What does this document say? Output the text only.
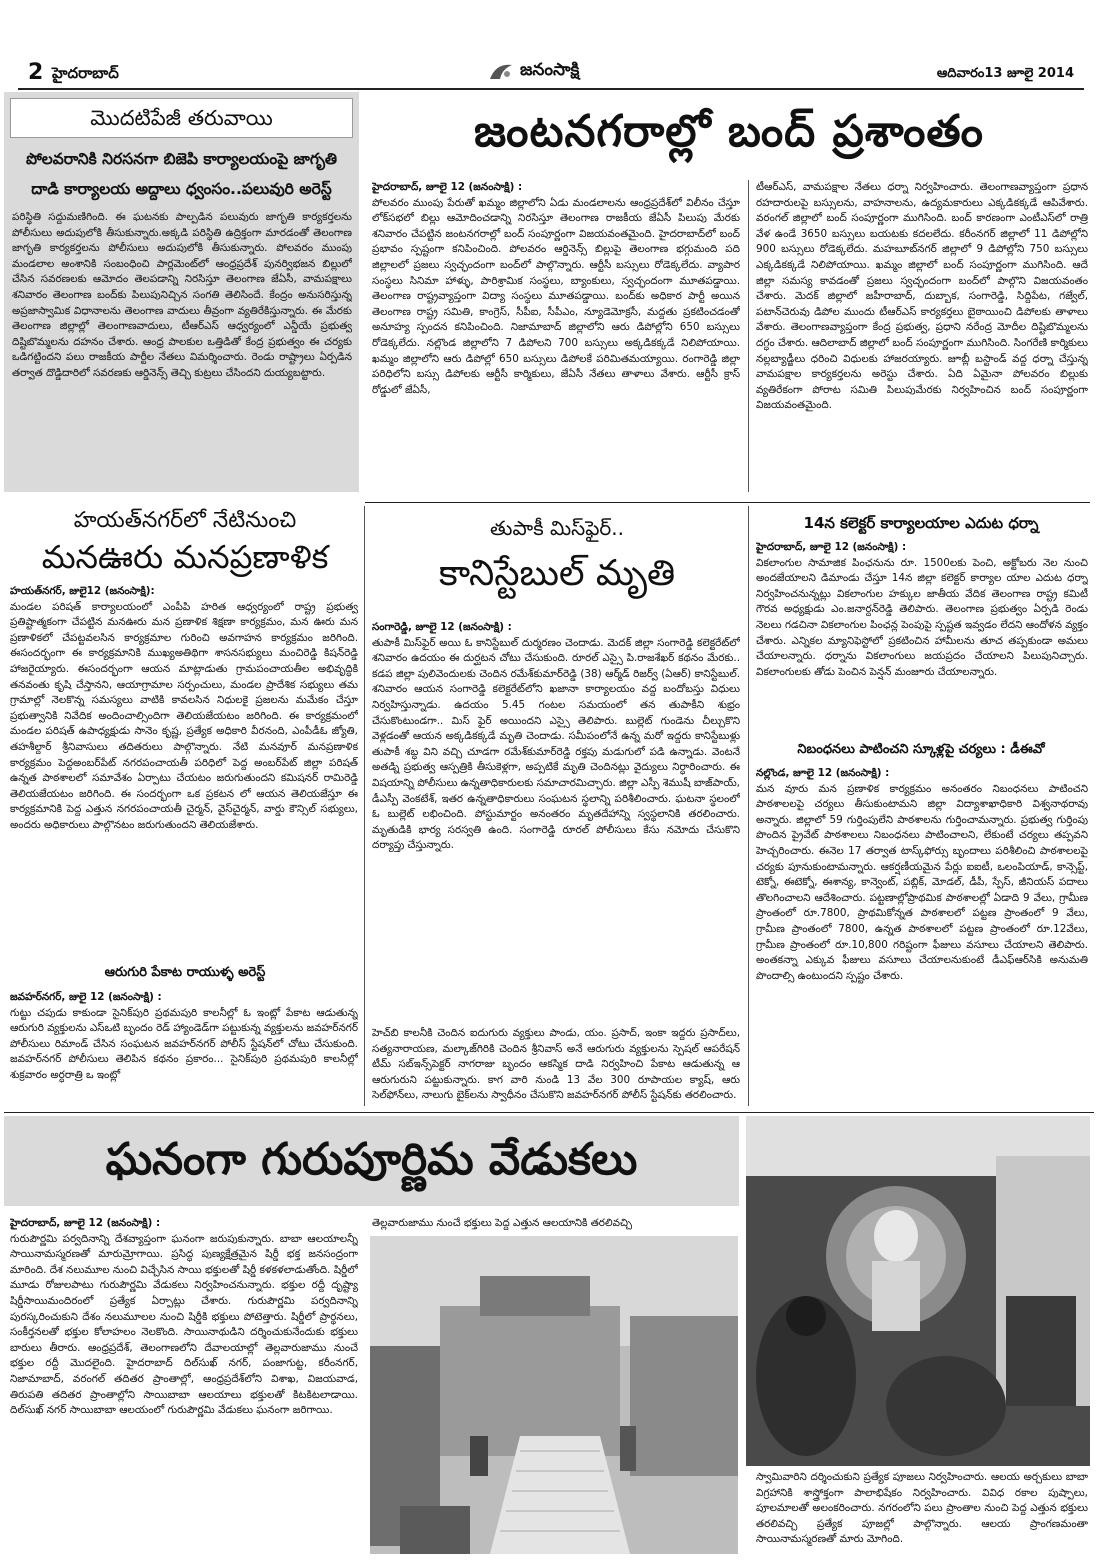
2 హైదరాబాద్	జనంసాక్షి	ఆదివారం13 జూలై 2014
మొదటిపేజీ తరువాయి
పోలవరానికి నిరసనగా బిజెపి కార్యాలయంపై జాగృతి దాడి కార్యాలయ అద్దాలు ధ్వంసం..పలువురి అరెస్ట్
పరిస్థితి సద్దుమణిగింది. ఈ ఘటనకు పాల్పడిన పలువురు జాగృతి కార్యకర్తలను పోలీసులు అదుపులోకి తీసుకున్నారు.అక్కడి పరిస్థితి ఉద్రిక్తంగా మారడంతో తెలంగాణ జాగృతి కార్యకర్తలను పోలీసులు అదుపులోకి తీసుకున్నారు. పోలవరం ముంపు మండలాల అంశానికి సంబంధించి పార్లమెంట్‌లో ఆంధ్రప్రదేశ్ పునర్విభజన బిల్లులో చేసిన సవరణలకు ఆమోదం తెలపడాన్ని నిరసిస్తూ తెలంగాణ జేఏసీ, వామపక్షాలు శనివారం తెలంగాణ బంద్‌కు పిలుపునిచ్చిన సంగతి తెలిసిందే. కేంద్రం అనుసరిస్తున్న అప్రజాస్వామిక విధానాలను తెలంగాణ వాదులు తీవ్రంగా వ్యతిరేకిస్తున్నారు. ఈ మేరకు తెలంగాణ జిల్లాల్లో తెలంగాణవాదులు, టీఆర్ఎస్ ఆధ్వర్యంలో ఎన్డీయే ప్రభుత్వ దిష్టిబొమ్మలను దహనం చేశారు. ఆంధ్ర పాలకుల ఒత్తిడితో కేంద్ర ప్రభుత్వం ఈ చర్యకు ఒడిగట్టిందని పలు రాజకీయ పార్టీల నేతలు విమర్శించారు. రెండు రాష్ట్రాలు ఏర్పడిన తర్వాత దొడ్డిదారిలో సవరణకు ఆర్డినెన్స్ తెచ్చి కుట్రలు చేసిందని దుయ్యబట్టారు.
జంటనగరాల్లో బంద్ ప్రశాంతం
హైదరాబాద్, జూలై 12 (జనంసాక్షి) :
పోలవరం ముంపు పేరుతో ఖమ్మం జిల్లాలోని ఏడు మండలాలను ఆంధ్రప్రదేశ్‌లో విలీనం చేస్తూ లోక్‌సభలో బిల్లు ఆమోదించడాన్ని నిరసిస్తూ తెలంగాణ రాజకీయ జేఏసీ పిలుపు మేరకు శనివారం చేపట్టిన జంటనగరాల్లో బంద్ సంపూర్ణంగా విజయవంతమైంది. హైదరాబాద్‌లో బంద్ ప్రభావం స్పష్టంగా కనిపించింది. పోలవరం ఆర్డినెన్స్ బిల్లుపై తెలంగాణ భగ్గుమంది పది జిల్లాలలో ప్రజలు స్వచ్ఛందంగా బంద్‌లో పాల్గొన్నారు. ఆర్టీసీ బస్సులు రోడెక్కలేదు. వ్యాపార సంస్థలు సినిమా హాళ్ళు, పారిశ్రామిక సంస్థలు, బ్యాంకులు, స్వచ్ఛందంగా మూతపడ్డాయి. తెలంగాణ రాష్ట్రవ్యాప్తంగా విద్యా సంస్థలు మూతపడ్డాయి. బంద్‌కు అధికార పార్టీ అయిన తెలంగాణ రాష్ట్ర సమితి, కాంగ్రెస్, సీపీఐ, సీపీఎం, న్యూడెమోక్రసీ, మద్దతు ప్రకటించడంతో అనూహ్య స్పందన కనిపించింది. నిజామాబాద్ జిల్లాలోని ఆరు డిపోల్లోని 650 బస్సులు రోడెక్కలేదు. నల్లొండ జిల్లాలోని 7 డిపోలని 700 బస్సులు అక్కడికక్కడే నిలిపోయాయి. ఖమ్మం జిల్లాలోని ఆరు డిపోల్లో 650 బస్సులు డిపోలకే పరిమితమయ్యాయి. రంగారెడ్డి జిల్లా పరిధిలోని బస్సు డిపోలకు ఆర్టీసీ కార్మికులు, జేఏసీ నేతలు తాళాలు వేశారు. ఆర్టీసీ క్రాస్ రోడ్డులో జేఏసీ,
టీఆర్ఎస్, వామపక్షాల నేతలు ధర్నా నిర్వహించారు. తెలంగాణవ్యాప్తంగా ప్రధాన రహదారులపై బస్సులను, వాహనాలను, ఉద్యమకారులు ఎక్కడికక్కడే ఆపివేశారు. వరంగల్ జిల్లాలో బంద్ సంపూర్ణంగా ముగిసింది. బంద్ కారణంగా ఎంటీఎస్‌లో రాత్రి వేళ ఉండే 3650 బస్సులు బయటకు కదలలేదు. కరీంనగర్ జిల్లాలో 11 డిపోల్లోని 900 బస్సులు రోడెక్కలేదు. మహబూబ్‌నగర్ జిల్లాలో 9 డిపోల్లోని 750 బస్సులు ఎక్కడికక్కడే నిలిపోయాయి. ఖమ్మం జిల్లాలో బంద్ సంపూర్ణంగా ముగిసింది. ఆదే జిల్లా సమస్య కావడంతో ప్రజలు స్వచ్ఛందంగా బంద్‌లో పాల్గొని విజయవంతం చేశారు. మెదక్ జిల్లాలో జహీరాబాద్, దుబ్బాక, సంగారెడ్డి, సిద్దిపేట, గజ్వేల్, పటాన్‌చెరువు డిపోల ముందు టీఆర్ఎస్ కార్యకర్తలు బైఠాయించి డిపోలకు తాళాలు వేశారు. తెలంగాణవ్యాప్తంగా కేంద్ర ప్రభుత్వ, ప్రధాని నరేంద్ర మోదీల దిష్టిబొమ్మలను దగ్ధం చేశారు. ఆదిలాబాద్ జిల్లాలో బంద్ సంపూర్ణంగా ముగిసింది. సింగరేణి కార్మికులు నల్లబ్యాడ్జీలు ధరించి విధులకు హాజరయ్యారు. జూబ్లీ బస్టాండ్ వద్ద ధర్నా చేస్తున్న వామపక్షాల కార్యకర్తలను అరెస్టు చేశారు. ఏది ఏమైనా పోలవరం బిల్లుకు వ్యతిరేకంగా పోరాట సమితి పిలుపుమేరకు నిర్వహించిన బంద్ సంపూర్ణంగా విజయవంతమైంది.
హయత్‌నగర్‌లో నేటినుంచి
మనఊరు మనప్రణాళిక
హయత్‌నగర్, జులై12 (జనంసాక్షి):
మండల పరిషత్ కార్యాలయంలో ఎంపీపి హరిత ఆధ్వర్యంలో రాష్ట్ర ప్రభుత్వ ప్రతిష్టాత్మకంగా చేపట్టిన మనఊరు మన ప్రణాళిక శిక్షణా కార్యక్రమం, మన ఊరు మన ప్రణాళికలో చేపట్టవలసిన కార్యక్రమాల గురించి అవగాహన కార్యక్రమం జరిగింది. ఈసందర్భంగా ఈ కార్యక్రమానికి ముఖ్యఅతిథిగా శాసనసభ్యులు మంచిరెడ్డి కిషన్‌రెడ్డి హాజరైయ్యారు. ఈసందర్భంగా ఆయన మాట్లాడుతు గ్రామపంచాయతీల అభివృద్ధికి తనవంతు కృషి చేస్తానని, ఆయాగ్రామాల సర్పంచులు, మండల ప్రాదేశిక సభ్యులు తమ గ్రామాల్లో నెలకొన్న సమస్యలు వాటికి కావలసిన నిధులకై ప్రజలను మమేకం చేస్తూ ప్రభుత్వానికి నివేదిక అందించాల్సిందిగా తెలియజేయటం జరిగింది. ఈ కార్యక్రమంలో మండల పరిషత్ ఉపాధ్యక్షుడు సానెం కృష్ణ, ప్రత్యేక అధికారి వీరనంది, ఎంపీడీఓ జ్యోతి, తహశీల్దార్ శ్రీనివాసులు తదితరులు పాల్గొన్నారు. నేటి మనవూర్ మనప్రణాళిక కార్యక్రమం పెద్దఅంబర్‌పేట్ నగరపంచాయతీ పరిధిలో పెద్ద అంబర్‌పేట్ జిల్లా పరిషత్ ఉన్నత పాఠశాలలో సమావేశం ఏర్పాటు చేయటం జరుగుతుందని కమిషనర్ రామిరెడ్డి తెలియజేయటం జరిగింది. ఈ సందర్భంగా ఒక ప్రకటన లో ఆయన తెలియజేస్తూ ఈ కార్యక్రమానికి పెద్ద ఎత్తున నగరపంచాయతీ చైర్మన్, వైస్‌చైర్మన్, వార్డు కౌన్సిల్ సభ్యులు, అందరు అధికారులు పాల్గొనటం జరుగుతుందని తెలియజేశారు.
ఆరుగురి పేకాట రాయుళ్ళ అరెస్ట్
జవహర్‌నగర్, జులై 12 (జనంసాక్షి) :
గుట్టు చపుడు కాకుండా సైనిక్‌పురి ప్రథమపురి కాలనీల్లో ఓ ఇంట్లో పేకాట ఆడుతున్న ఆరుగురి వ్యక్తులను ఎస్‌ఒటి బృందం రెడ్ హ్యాండెడ్‌గా పట్టుకున్న వ్యక్తులను జవహర్‌నగర్ పోలీసులు రిమాండ్ చేసిన సంఘటన జవహర్‌నగర్ పోలీస్ స్టేషన్‌లో చోటు చేసుకుంది. జవహర్‌నగర్ పోలీసులు తెలిపిన కథనం ప్రకారం... సైనిక్‌పురి ప్రథమపురి కాలనీల్లో శుక్రవారం అర్ధరాత్రి ఒ ఇంట్లో
తుపాకీ మిస్‌ఫైర్..
కానిస్టేబుల్ మృతి
సంగారెడ్డి, జూలై 12 (జనంసాక్షి) :
తుపాకీ మిస్‌ఫైర్ అయి ఓ కానిస్టేబుల్ దుర్మరణం చెందాడు. మెదక్ జిల్లా సంగారెడ్డి కలెక్టరేట్‌లో శనివారం ఉదయం ఈ దుర్ఘటన చోటు చేసుకుంది. రూరల్ ఎస్సై పి.రాజశేఖర్ కథనం మేరకు.. కడప జిల్లా పులివెందులకు చెందిన రమేశ్‌కుమార్‌రెడ్డి (38) ఆర్మ్‌డ్ రిజర్వ్ (ఏఆర్) కానిస్టేబుల్. శనివారం ఆయన సంగారెడ్డి కలెక్టరేట్‌లోని ఖజానా కార్యాలయం వద్ద బందోబస్తు విధులు నిర్వహిస్తున్నాడు. ఉదయం 5.45 గంటల సమయంలో తన తుపాకీని శుభ్రం చేసుకొంటుండగా.. మిస్ ఫైర్ అయిందని ఎస్సై తెలిపారు. బుల్లెట్ గుండెను చీల్చుకొని వెళ్లడంతో ఆయన అక్కడికక్కడే మృతి చెందాడు. సమీపంలోనే ఉన్న మరో ఇద్దరు కానిస్టేబుళ్లు తుపాకీ శబ్ధ విని వచ్చి చూడగా రమేశ్‌కుమార్‌రెడ్డి రక్తపు మడుగులో పడి ఉన్నాడు. వెంటనే అతడ్ని ప్రభుత్వ ఆస్పత్రికి తీసుకెళ్లగా, అప్పటికే మృతి చెందినట్లు వైద్యులు నిర్ధారించారు. ఈ విషయాన్ని పోలీసులు ఉన్నతాధికారులకు సమాచారమిచ్చారు. జిల్లా ఎస్పీ శెముషీ బాజ్‌పాయ్, డీఎస్పీ వెంకటేశ్, ఇతర ఉన్నతాధికారులు సంఘటన స్థలాన్ని పరిశీలించారు. ఘటనా స్థలంలో ఓ బుల్లెట్ లభించింది. పోస్టుమార్టం అనంతరం మృతదేహాన్ని స్వస్థలానికి తరలించారు. మృతుడికి భార్య సరస్వతి ఉంది. సంగారెడ్డి రూరల్ పోలీసులు కేసు నమోదు చేసుకొని దర్యాప్తు చేస్తున్నారు.
హెచ్‌బి కాలనీకి చెందిన ఐదుగురు వ్యక్తులు పాండు, యం. ప్రసాద్, ఇంకా ఇద్దరు ప్రసాద్‌లు, సత్యనారాయణ, మల్కాజ్‌గిరికి చెందిన శ్రీనివాస్ అనే ఆరుగురు వ్యక్తులను స్పెషల్ ఆపరేషన్ టీమ్ సబ్‌ఇన్స్‌పెక్టర్ నాగరాజు బృందం ఆకస్మిక దాడి నిర్వహించి పేకాట ఆడుతున్న ఆ ఆరుగురుని పట్టుకున్నారు. కాగ వారి నుండి 13 వేల 300 రూపాయల క్యాష్, ఆరు సెల్‌ఫోన్‌లు, నాలుగు బైక్‌లను స్వాధీనం చేసుకొని జవహర్‌నగర్ పోలీస్ స్టేషన్‌కు తరలించారు.
14న కలెక్టర్ కార్యాలయాల ఎదుట ధర్నా
హైదరాబాద్, జూలై 12 (జనంసాక్షి) :
వికలాంగుల సామాజిక పింఛనును రూ. 1500లకు పెంచి, అక్టోబరు నెల నుంచి అందజేయాలని డిమాండు చేస్తూ 14న జిల్లా కలెక్టర్ కార్యాల యాల ఎదుట ధర్నా నిర్వహించనున్నట్లు వికలాంగుల హక్కుల జాతీయ వేదిక తెలంగాణ రాష్ట్ర కమిటీ గౌరవ అధ్యక్షుడు ఎం.జనార్దన్‌రెడ్డి తెలిపారు. తెలంగాణ ప్రభుత్వం ఏర్పడి రెండు నెలలు గడచినా వికలాంగుల పింఛన్ల పెంపుపై స్పష్టత ఇవ్వడం లేదని ఆందోళన వ్యక్తం చేశారు. ఎన్నికల మ్యానిఫెస్టోలో ప్రకటించిన హామీలను తూచ తప్పకుండా అమలు చేయాలన్నారు. ధర్నాను వికలాంగులు జయప్రదం చేయాలని పిలుపునిచ్చారు. వికలాంగులకు తోడు పెంచిన పెన్షన్ మంజూరు చేయాలన్నారు.
నిబంధనలు పాటించని స్కూళ్లపై చర్యలు : డీఈవో
నల్లొండ, జూలై 12 (జనంసాక్షి) :
మన వూరు మన ప్రణాళిక కార్యక్రమం అనంతరం నిబంధనలు పాటించని పాఠశాలలపై చర్యలు తీసుకుంటామని జిల్లా విద్యాశాఖాధికారి విశ్వనాథరావు అన్నారు. జిల్లాలో 59 గుర్తింపులేని పాఠశాలను గుర్తించామన్నారు. ప్రభుత్వ గుర్తింపు పొందిన ప్రైవేట్ పాఠశాలలు నిబంధనలు పాటించాలని, లేకుంటే చర్యలు తప్పవని హెచ్చరించారు. ఈనెల 17 తర్వాత టాస్క్‌ఫోర్సు బృందాలు పరిశీలించి పాఠశాలలపై చర్యకు పూనుకుంటామన్నారు. ఆకర్షణీయమైన పేర్లు ఐఐటీ, ఒలంపియాడ్, కాన్సెప్ట్, టెక్నో, ఈటెక్నో, ఈశాన్య, కాన్వెంట్, పబ్లిక్, మోడల్, డీపీ, స్పేస్, జీనియస్ పదాలు తొలగించాలని ఆదేశించారు. పట్టణాల్లోప్రాథమిక పాఠశాలల్లో ఏడాది 9 వేలు, గ్రామీణ ప్రాంతంలో రూ.7800, ప్రాథమికోన్నత పాఠశాలలో పట్టణ ప్రాంతంలో 9 వేలు, గ్రామీణ ప్రాంతంలో 7800, ఉన్నత పాఠశాలలో పట్టణ ప్రాంతంలో రూ.12వేలు, గ్రామీణ ప్రాంతంలో రూ.10,800 గరిష్టంగా ఫీజులు వసూలు చేయాలని తెలిపారు. అంతకన్నా ఎక్కువ ఫీజులు వసూలు చేయాలనుకుంటే డీఎఫ్ఆర్‌సికి అనుమతి పొందాల్సి ఉంటుందని స్పష్టం చేశారు.
ఘనంగా గురుపూర్ణిమ వేడుకలు
హైదరాబాద్, జూలై 12 (జనంసాక్షి) :
గురుపౌర్ణమి పర్వదినాన్ని దేశవ్యాప్తంగా ఘనంగా జరుపుకున్నారు. బాబా ఆలయాలన్నీ సాయినామస్మరణతో మారుమ్రోగాయి. ప్రసిద్ధ పుణ్యక్షేత్రమైన షిర్డీ భక్త జనసంద్రంగా మారింది. దేశ నలుమూల నుంచి విచ్చేసిన సాయి భక్తులతో షిర్డీ కళకళలాడుతోంది. షిర్డీలో మూడు రోజులపాటు గురుపౌర్ణమి వేడుకలు నిర్వహించనున్నారు. భక్తుల రద్దీ దృష్ట్యా షిర్డీసాయిమందిరంలో ప్రత్యేక ఏర్పాట్లు చేశారు. గురుపౌర్ణమి పర్వదినాన్ని పురస్కరించుకుని దేశం నలుమూలల నుంచి షిర్డీకి భక్తులు పోటెత్తారు. షిర్డీలో ప్రార్థనలు, సంకీర్తనలతో భక్తుల కోలాహలం నెలకొంది. సాయినాథుడిని దర్శించుకునేందుకు భక్తులు బారులు తీరారు. ఆంధ్రప్రదేశ్, తెలంగాణలోని దేవాలయాల్లో తెల్లవారుజాము నుంచే భక్తుల రద్దీ మొదలైంది. హైదరాబాద్ దిల్‌సుఖ్ నగర్, పంజాగుట్ట, కరీంనగర్, నిజామాబాద్, వరంగల్ తదితర ప్రాంతాల్లో, ఆంధ్రప్రదేశ్‌లోని విశాఖ, విజయవాడ, తిరుపతి తదితర ప్రాంతాల్లోని సాయిబాబా ఆలయాలు భక్తులతో కిటకిటలాడాయి. దిల్‌సుఖ్ నగర్ సాయిబాబా ఆలయంలో గురుపౌర్ణమి వేడుకలు ఘనంగా జరిగాయి.
తెల్లవారుజాము నుంచే భక్తులు పెద్ద ఎత్తున ఆలయానికి తరలివచ్చి
స్వామివారిని దర్శించుకుని ప్రత్యేక పూజలు నిర్వహించారు. ఆలయ అర్చకులు బాబా విగ్రహానికి శాస్త్రోక్తంగా పాలాభిషేకం నిర్వహించారు. వివిధ రకాల పుష్పాలు, పూలమాలతో అలంకరించారు. నగరంలోని పలు ప్రాంతాల నుంచి పెద్ద ఎత్తున భక్తులు తరలివచ్చి ప్రత్యేక పూజల్లో పాల్గొన్నారు. ఆలయ ప్రాంగణమంతా సాయినామస్మరణతో మారు మోగింది.
